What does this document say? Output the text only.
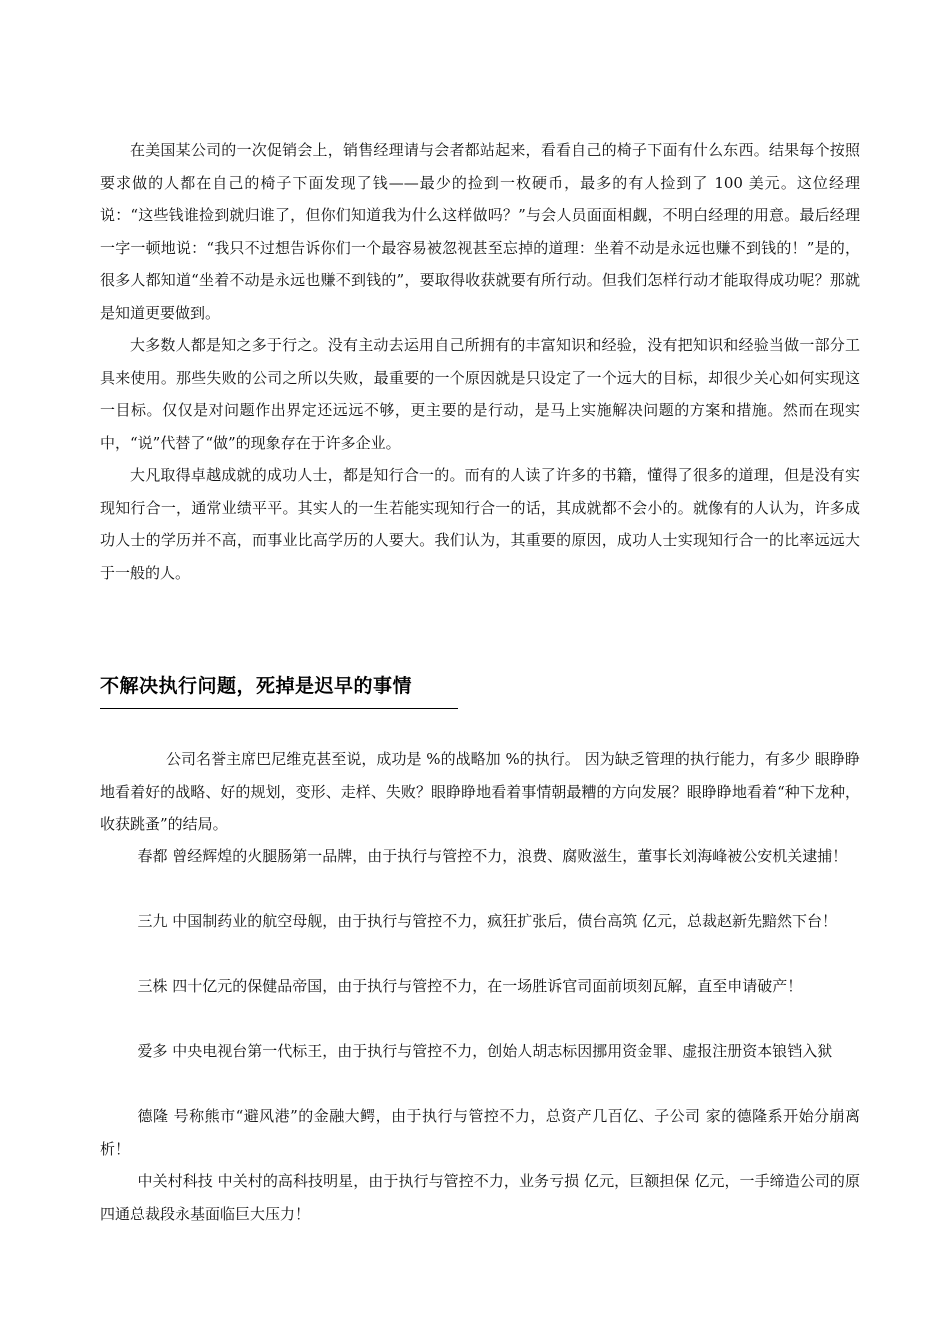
在美国某公司的一次促销会上，销售经理请与会者都站起来，看看自己的椅子下面有什么东西。结果每个按照要求做的人都在自己的椅子下面发现了钱——最少的捡到一枚硬币，最多的有人捡到了 100 美元。这位经理说：“这些钱谁捡到就归谁了，但你们知道我为什么这样做吗？”与会人员面面相觑，不明白经理的用意。最后经理一字一顿地说：“我只不过想告诉你们一个最容易被忽视甚至忘掉的道理：坐着不动是永远也赚不到钱的！”是的，很多人都知道“坐着不动是永远也赚不到钱的”，要取得收获就要有所行动。但我们怎样行动才能取得成功呢？那就是知道更要做到。

大多数人都是知之多于行之。没有主动去运用自己所拥有的丰富知识和经验，没有把知识和经验当做一部分工具来使用。那些失败的公司之所以失败，最重要的一个原因就是只设定了一个远大的目标，却很少关心如何实现这一目标。仅仅是对问题作出界定还远远不够，更主要的是行动，是马上实施解决问题的方案和措施。然而在现实中，“说”代替了“做”的现象存在于许多企业。

大凡取得卓越成就的成功人士，都是知行合一的。而有的人读了许多的书籍，懂得了很多的道理，但是没有实现知行合一，通常业绩平平。其实人的一生若能实现知行合一的话，其成就都不会小的。就像有的人认为，许多成功人士的学历并不高，而事业比高学历的人要大。我们认为，其重要的原因，成功人士实现知行合一的比率远远大于一般的人。

不解决执行问题，死掉是迟早的事情

公司名誉主席巴尼维克甚至说，成功是 %的战略加 %的执行。 因为缺乏管理的执行能力，有多少 眼睁睁地看着好的战略、好的规划，变形、走样、失败？眼睁睁地看着事情朝最糟的方向发展？眼睁睁地看着“种下龙种，收获跳蚤”的结局。

春都 曾经辉煌的火腿肠第一品牌，由于执行与管控不力，浪费、腐败滋生，董事长刘海峰被公安机关逮捕！

三九 中国制药业的航空母舰，由于执行与管控不力，疯狂扩张后，债台高筑 亿元，总裁赵新先黯然下台！

三株 四十亿元的保健品帝国，由于执行与管控不力，在一场胜诉官司面前顷刻瓦解，直至申请破产！

爱多 中央电视台第一代标王，由于执行与管控不力，创始人胡志标因挪用资金罪、虚报注册资本锒铛入狱

德隆 号称熊市“避风港”的金融大鳄，由于执行与管控不力，总资产几百亿、子公司 家的德隆系开始分崩离析！

中关村科技 中关村的高科技明星，由于执行与管控不力，业务亏损 亿元，巨额担保 亿元，一手缔造公司的原四通总裁段永基面临巨大压力！
